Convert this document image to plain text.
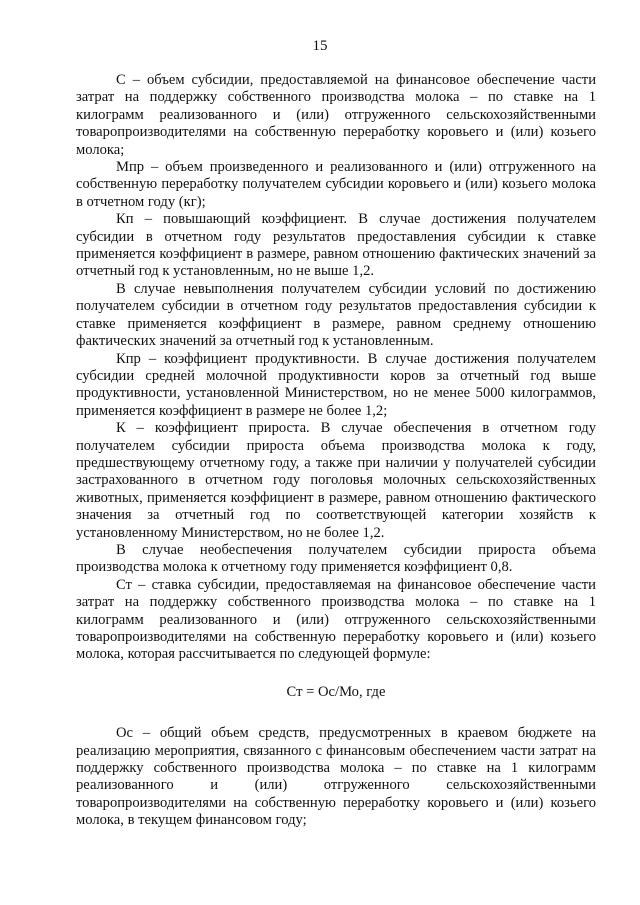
15

С – объем субсидии, предоставляемой на финансовое обеспечение части затрат на поддержку собственного производства молока – по ставке на 1 килограмм реализованного и (или) отгруженного сельскохозяйственными товаропроизводителями на собственную переработку коровьего и (или) козьего молока;

Мпр – объем произведенного и реализованного и (или) отгруженного на собственную переработку получателем субсидии коровьего и (или) козьего молока в отчетном году (кг);

Кп – повышающий коэффициент. В случае достижения получателем субсидии в отчетном году результатов предоставления субсидии к ставке применяется коэффициент в размере, равном отношению фактических значений за отчетный год к установленным, но не выше 1,2.

В случае невыполнения получателем субсидии условий по достижению получателем субсидии в отчетном году результатов предоставления субсидии к ставке применяется коэффициент в размере, равном среднему отношению фактических значений за отчетный год к установленным.

Кпр – коэффициент продуктивности. В случае достижения получателем субсидии средней молочной продуктивности коров за отчетный год выше продуктивности, установленной Министерством, но не менее 5000 килограммов, применяется коэффициент в размере не более 1,2;

К – коэффициент прироста. В случае обеспечения в отчетном году получателем субсидии прироста объема производства молока к году, предшествующему отчетному году, а также при наличии у получателей субсидии застрахованного в отчетном году поголовья молочных сельскохозяйственных животных, применяется коэффициент в размере, равном отношению фактического значения за отчетный год по соответствующей категории хозяйств к установленному Министерством, но не более 1,2.

В случае необеспечения получателем субсидии прироста объема производства молока к отчетному году применяется коэффициент 0,8.

Ст – ставка субсидии, предоставляемая на финансовое обеспечение части затрат на поддержку собственного производства молока – по ставке на 1 килограмм реализованного и (или) отгруженного сельскохозяйственными товаропроизводителями на собственную переработку коровьего и (или) козьего молока, которая рассчитывается по следующей формуле:

Ст = Ос/Мо, где

Ос – общий объем средств, предусмотренных в краевом бюджете на реализацию мероприятия, связанного с финансовым обеспечением части затрат на поддержку собственного производства молока – по ставке на 1 килограмм реализованного и (или) отгруженного сельскохозяйственными товаропроизводителями на собственную переработку коровьего и (или) козьего молока, в текущем финансовом году;
